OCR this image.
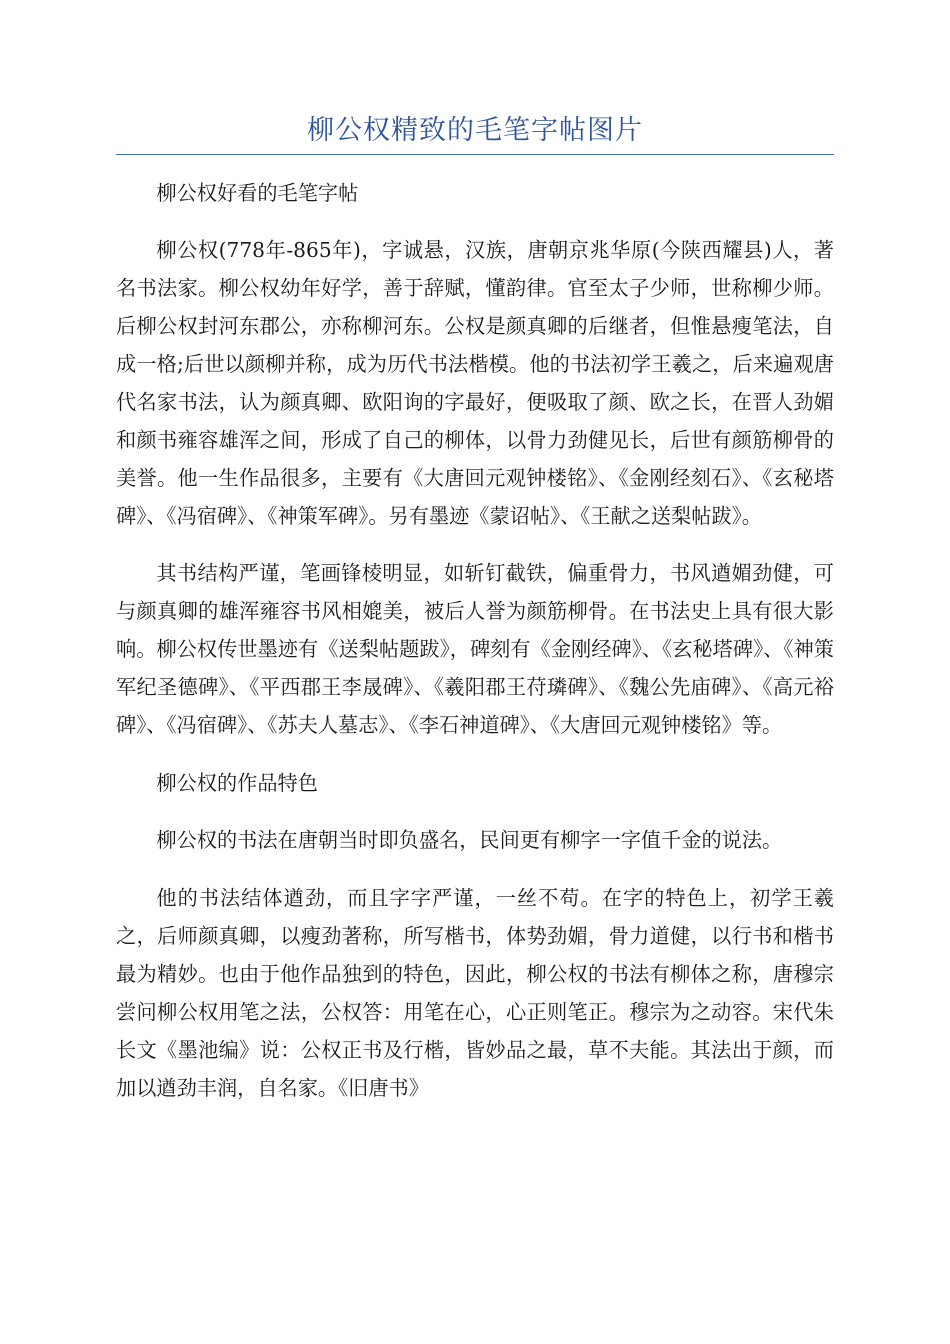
柳公权精致的毛笔字帖图片

柳公权好看的毛笔字帖

柳公权(778年-865年)，字诚悬，汉族，唐朝京兆华原(今陕西耀县)人，著名书法家。柳公权幼年好学，善于辞赋，懂韵律。官至太子少师，世称柳少师。后柳公权封河东郡公，亦称柳河东。公权是颜真卿的后继者，但惟悬瘦笔法，自成一格;后世以颜柳并称，成为历代书法楷模。他的书法初学王羲之，后来遍观唐代名家书法，认为颜真卿、欧阳询的字最好，便吸取了颜、欧之长，在晋人劲媚和颜书雍容雄浑之间，形成了自己的柳体，以骨力劲健见长，后世有颜筋柳骨的美誉。他一生作品很多，主要有《大唐回元观钟楼铭》、《金刚经刻石》、《玄秘塔碑》、《冯宿碑》、《神策军碑》。另有墨迹《蒙诏帖》、《王献之送梨帖跋》。

其书结构严谨，笔画锋棱明显，如斩钉截铁，偏重骨力，书风遒媚劲健，可与颜真卿的雄浑雍容书风相媲美，被后人誉为颜筋柳骨。在书法史上具有很大影响。柳公权传世墨迹有《送梨帖题跋》，碑刻有《金刚经碑》、《玄秘塔碑》、《神策军纪圣德碑》、《平西郡王李晟碑》、《羲阳郡王苻璘碑》、《魏公先庙碑》、《高元裕碑》、《冯宿碑》、《苏夫人墓志》、《李石神道碑》、《大唐回元观钟楼铭》等。

柳公权的作品特色

柳公权的书法在唐朝当时即负盛名，民间更有柳字一字值千金的说法。

他的书法结体遒劲，而且字字严谨，一丝不苟。在字的特色上，初学王羲之，后师颜真卿，以瘦劲著称，所写楷书，体势劲媚，骨力道健，以行书和楷书最为精妙。也由于他作品独到的特色，因此，柳公权的书法有柳体之称，唐穆宗尝问柳公权用笔之法，公权答：用笔在心，心正则笔正。穆宗为之动容。宋代朱长文《墨池编》说：公权正书及行楷，皆妙品之最，草不夫能。其法出于颜，而加以遒劲丰润，自名家。《旧唐书》
